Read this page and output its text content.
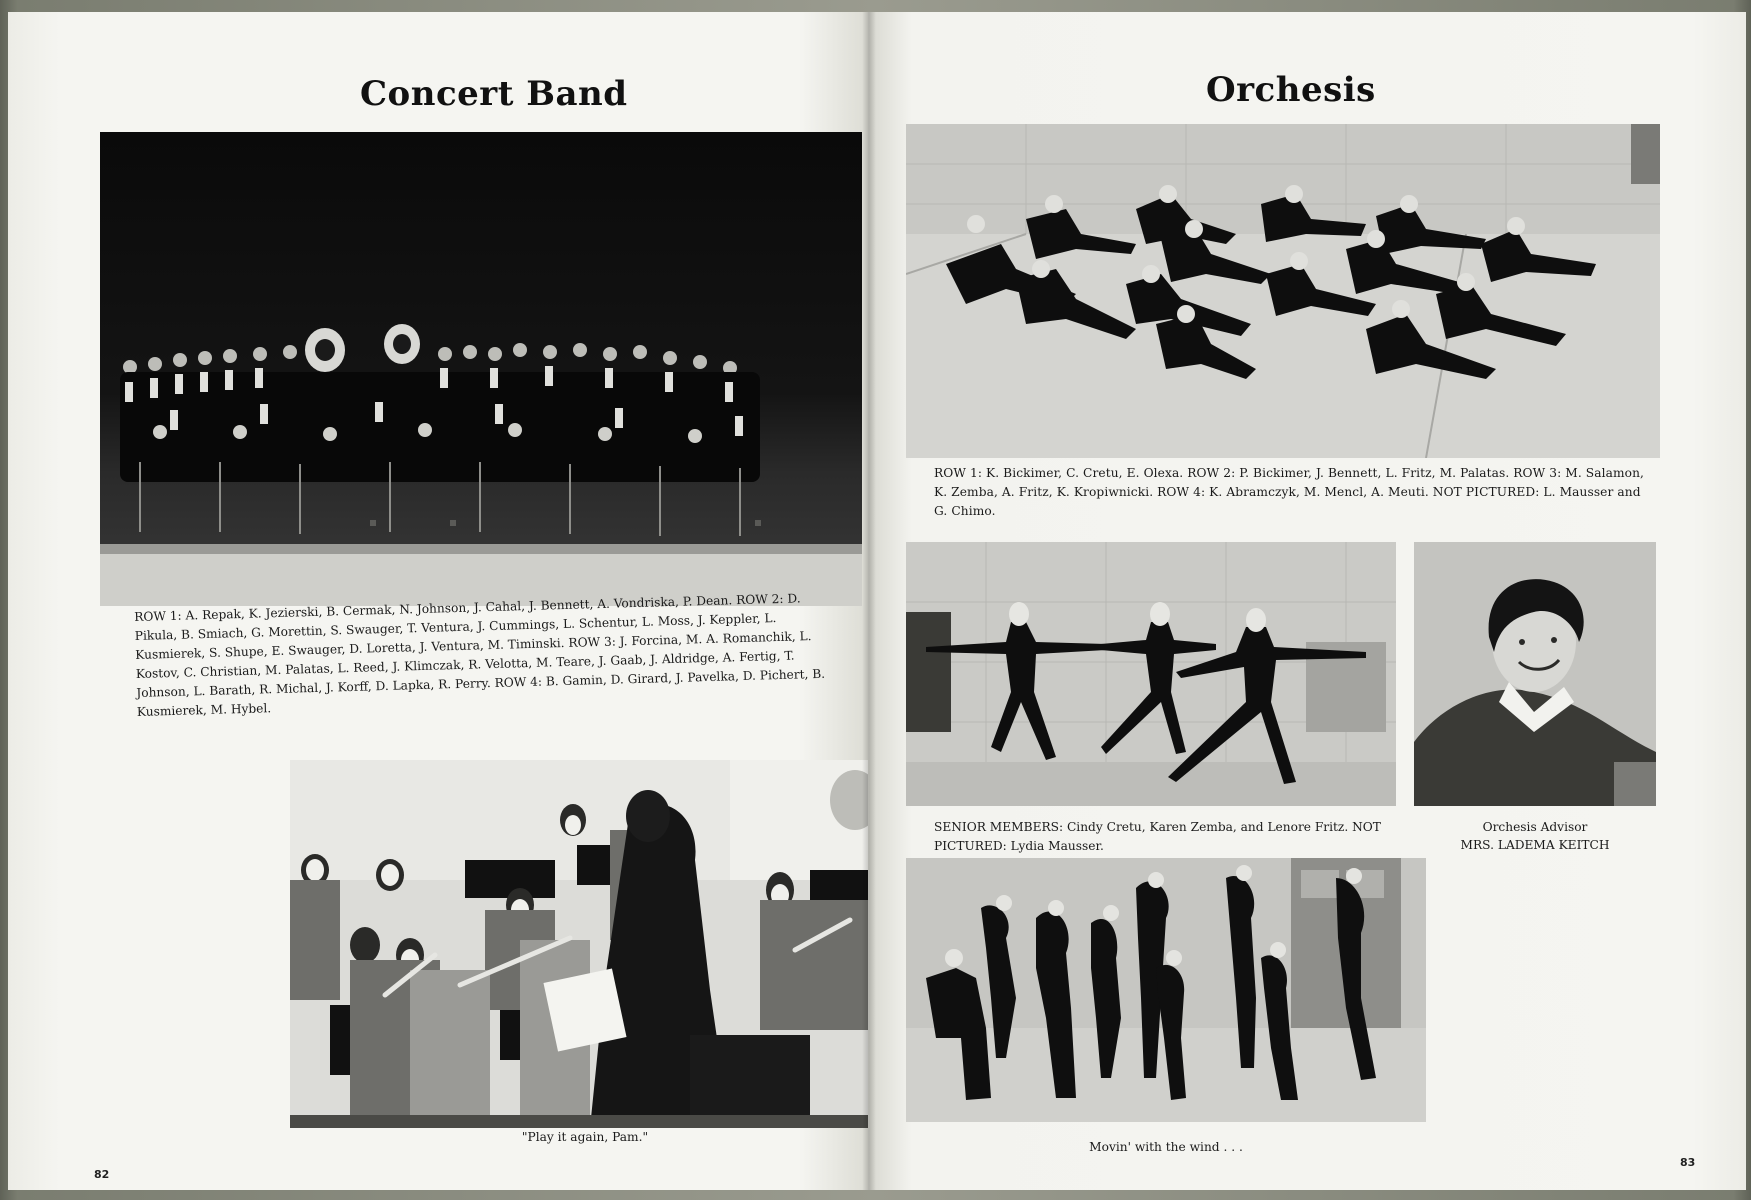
Concert Band

ROW 1: A. Repak, K. Jezierski, B. Cermak, N. Johnson, J. Cahal, J. Bennett, A. Vondriska, P. Dean. ROW 2: D. Pikula, B. Smiach, G. Morettin, S. Swauger, T. Ventura, J. Cummings, L. Schentur, L. Moss, J. Keppler, L. Kusmierek, S. Shupe, E. Swauger, D. Loretta, J. Ventura, M. Timinski. ROW 3: J. Forcina, M. A. Romanchik, L. Kostov, C. Christian, M. Palatas, L. Reed, J. Klimczak, R. Velotta, M. Teare, J. Gaab, J. Aldridge, A. Fertig, T. Johnson, L. Barath, R. Michal, J. Korff, D. Lapka, R. Perry. ROW 4: B. Gamin, D. Girard, J. Pavelka, D. Pichert, B. Kusmierek, M. Hybel.

"Play it again, Pam."

82
Orchesis

ROW 1: K. Bickimer, C. Cretu, E. Olexa. ROW 2: P. Bickimer, J. Bennett, L. Fritz, M. Palatas. ROW 3: M. Salamon, K. Zemba, A. Fritz, K. Kropiwnicki. ROW 4: K. Abramczyk, M. Mencl, A. Meuti. NOT PICTURED: L. Mausser and G. Chimo.

SENIOR MEMBERS: Cindy Cretu, Karen Zemba, and Lenore Fritz. NOT PICTURED: Lydia Mausser.

Orchesis Advisor

MRS. LADEMA KEITCH

Movin' with the wind . . .

83
